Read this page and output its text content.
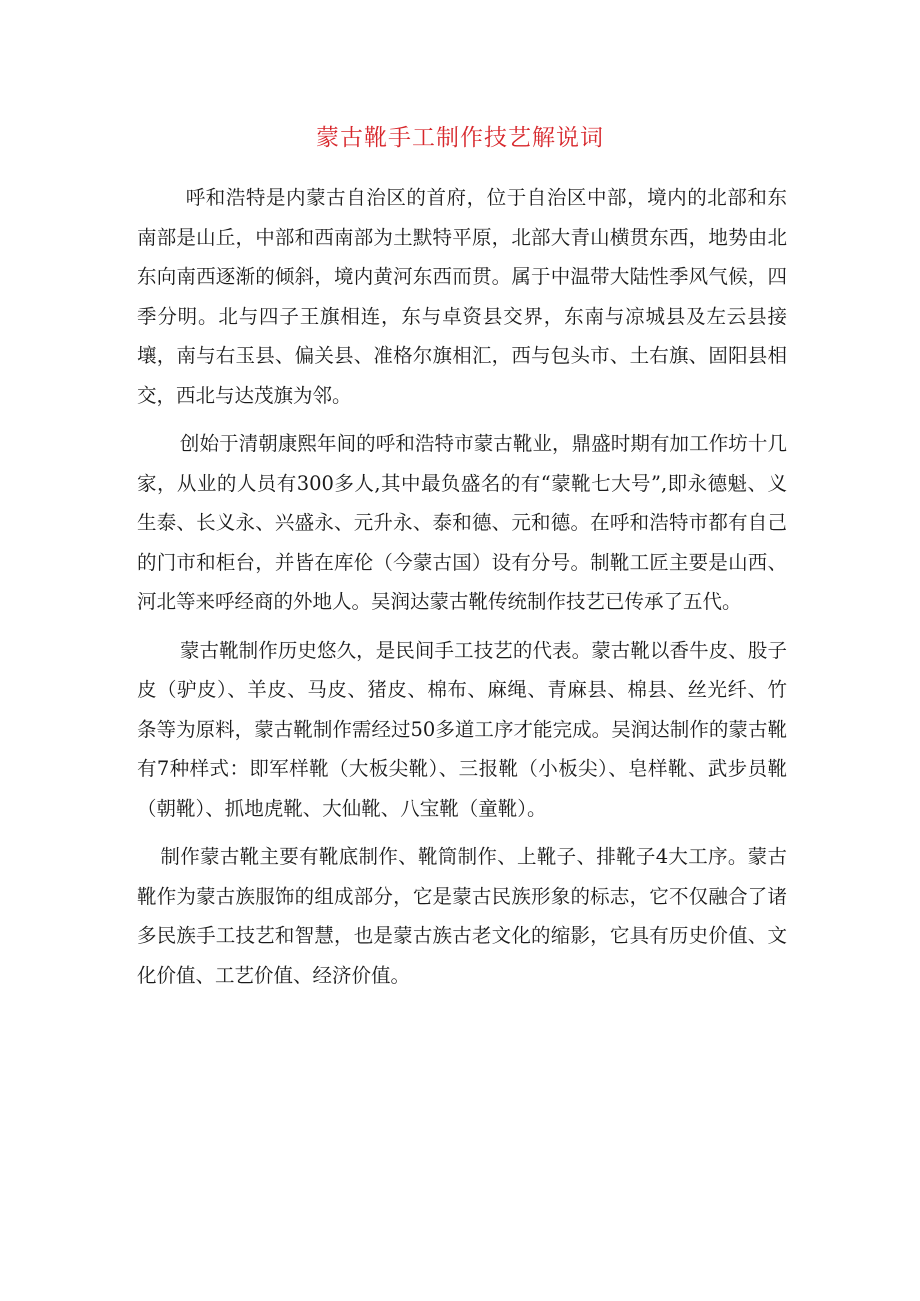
蒙古靴手工制作技艺解说词

呼和浩特是内蒙古自治区的首府，位于自治区中部，境内的北部和东南部是山丘，中部和西南部为土默特平原，北部大青山横贯东西，地势由北东向南西逐渐的倾斜，境内黄河东西而贯。属于中温带大陆性季风气候，四季分明。北与四子王旗相连，东与卓资县交界，东南与凉城县及左云县接壤，南与右玉县、偏关县、准格尔旗相汇，西与包头市、土右旗、固阳县相交，西北与达茂旗为邻。

创始于清朝康熙年间的呼和浩特市蒙古靴业，鼎盛时期有加工作坊十几家，从业的人员有300多人,其中最负盛名的有“蒙靴七大号”,即永德魁、义生泰、长义永、兴盛永、元升永、泰和德、元和德。在呼和浩特市都有自己的门市和柜台，并皆在库伦（今蒙古国）设有分号。制靴工匠主要是山西、河北等来呼经商的外地人。吴润达蒙古靴传统制作技艺已传承了五代。

蒙古靴制作历史悠久，是民间手工技艺的代表。蒙古靴以香牛皮、股子皮（驴皮）、羊皮、马皮、猪皮、棉布、麻绳、青麻县、棉县、丝光纤、竹条等为原料，蒙古靴制作需经过50多道工序才能完成。吴润达制作的蒙古靴有7种样式：即军样靴（大板尖靴）、三报靴（小板尖）、皂样靴、武步员靴（朝靴）、抓地虎靴、大仙靴、八宝靴（童靴）。

制作蒙古靴主要有靴底制作、靴筒制作、上靴子、排靴子4大工序。蒙古靴作为蒙古族服饰的组成部分，它是蒙古民族形象的标志，它不仅融合了诸多民族手工技艺和智慧，也是蒙古族古老文化的缩影，它具有历史价值、文化价值、工艺价值、经济价值。
